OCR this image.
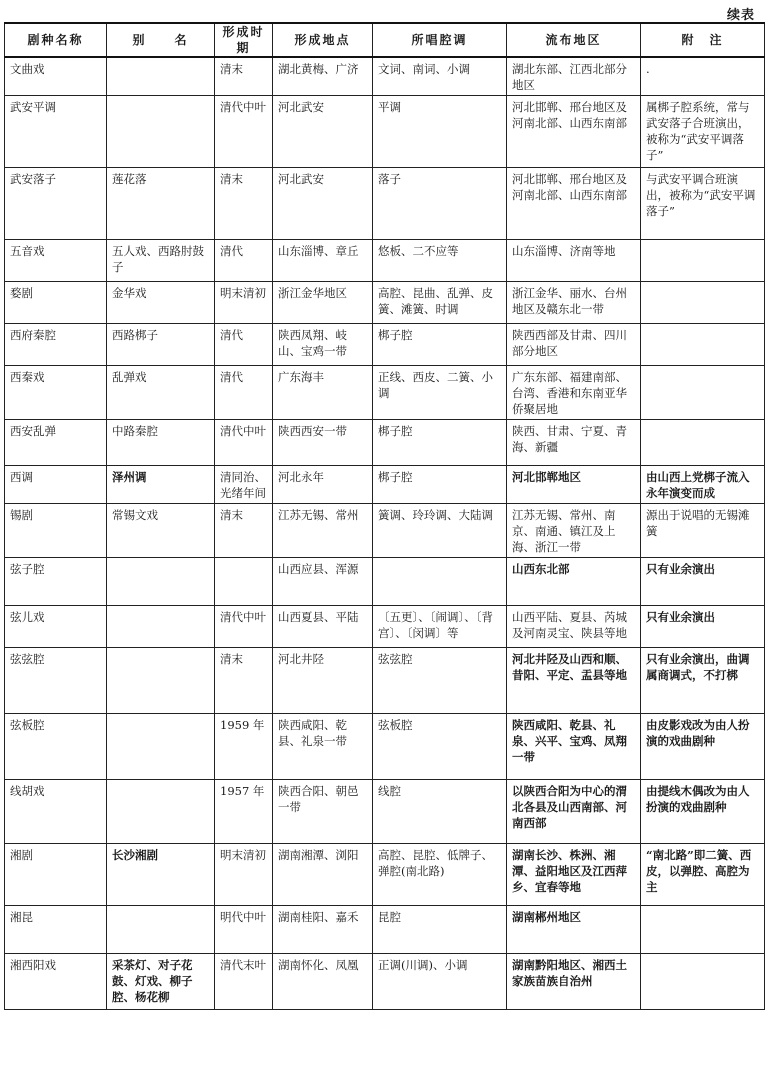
续表
剧种名称	别　　名	形成时期	形成地点	所唱腔调	流布地区	附　注
文曲戏		清末	湖北黄梅、广济	文词、南词、小调	湖北东部、江西北部分地区	.
武安平调		清代中叶	河北武安	平调	河北邯郸、邢台地区及河南北部、山西东南部	属梆子腔系统，常与武安落子合班演出，被称为“武安平调落子”
武安落子	莲花落	清末	河北武安	落子	河北邯郸、邢台地区及河南北部、山西东南部	与武安平调合班演出，被称为“武安平调落子”
五音戏	五人戏、西路肘鼓子	清代	山东淄博、章丘	悠板、二不应等	山东淄博、济南等地	
婺剧	金华戏	明末清初	浙江金华地区	高腔、昆曲、乱弹、皮簧、滩簧、时调	浙江金华、丽水、台州地区及赣东北一带	
西府秦腔	西路梆子	清代	陕西凤翔、岐山、宝鸡一带	梆子腔	陕西西部及甘肃、四川部分地区	
西秦戏	乱弹戏	清代	广东海丰	正线、西皮、二簧、小调	广东东部、福建南部、台湾、香港和东南亚华侨聚居地	
西安乱弹	中路秦腔	清代中叶	陕西西安一带	梆子腔	陕西、甘肃、宁夏、青海、新疆	
西调	泽州调	清同治、光绪年间	河北永年	梆子腔	河北邯郸地区	由山西上党梆子流入永年演变而成
锡剧	常锡文戏	清末	江苏无锡、常州	簧调、玲玲调、大陆调	江苏无锡、常州、南京、南通、镇江及上海、浙江一带	源出于说唱的无锡滩簧
弦子腔			山西应县、浑源		山西东北部	只有业余演出
弦儿戏		清代中叶	山西夏县、平陆	〔五更〕、〔闹调〕、〔背宫〕、〔闵调〕等	山西平陆、夏县、芮城及河南灵宝、陕县等地	只有业余演出
弦弦腔		清末	河北井陉	弦弦腔	河北井陉及山西和顺、昔阳、平定、盂县等地	只有业余演出，曲调属商调式，不打梆
弦板腔		1959 年	陕西咸阳、乾县、礼泉一带	弦板腔	陕西咸阳、乾县、礼泉、兴平、宝鸡、凤翔一带	由皮影戏改为由人扮演的戏曲剧种
线胡戏		1957 年	陕西合阳、朝邑一带	线腔	以陕西合阳为中心的渭北各县及山西南部、河南西部	由提线木偶改为由人扮演的戏曲剧种
湘剧	长沙湘剧	明末清初	湖南湘潭、浏阳	高腔、昆腔、低牌子、弹腔(南北路)	湖南长沙、株洲、湘潭、益阳地区及江西萍乡、宜春等地	“南北路”即二簧、西皮，以弹腔、高腔为主
湘昆		明代中叶	湖南桂阳、嘉禾	昆腔	湖南郴州地区	
湘西阳戏	采茶灯、对子花鼓、灯戏、柳子腔、杨花柳	清代末叶	湖南怀化、凤凰	正调(川调)、小调	湖南黔阳地区、湘西土家族苗族自治州	
